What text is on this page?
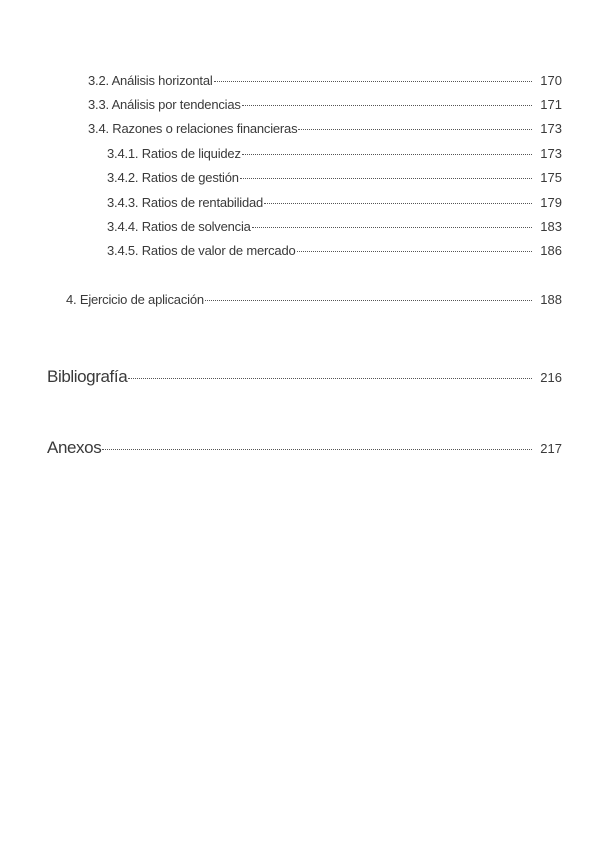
3.2. Análisis horizontal	170
3.3. Análisis por tendencias	171
3.4. Razones o relaciones financieras	173
3.4.1. Ratios de liquidez	173
3.4.2. Ratios de gestión	175
3.4.3. Ratios de rentabilidad	179
3.4.4. Ratios de solvencia	183
3.4.5. Ratios de valor de mercado	186
4. Ejercicio de aplicación	188
Bibliografía	216
Anexos	217
